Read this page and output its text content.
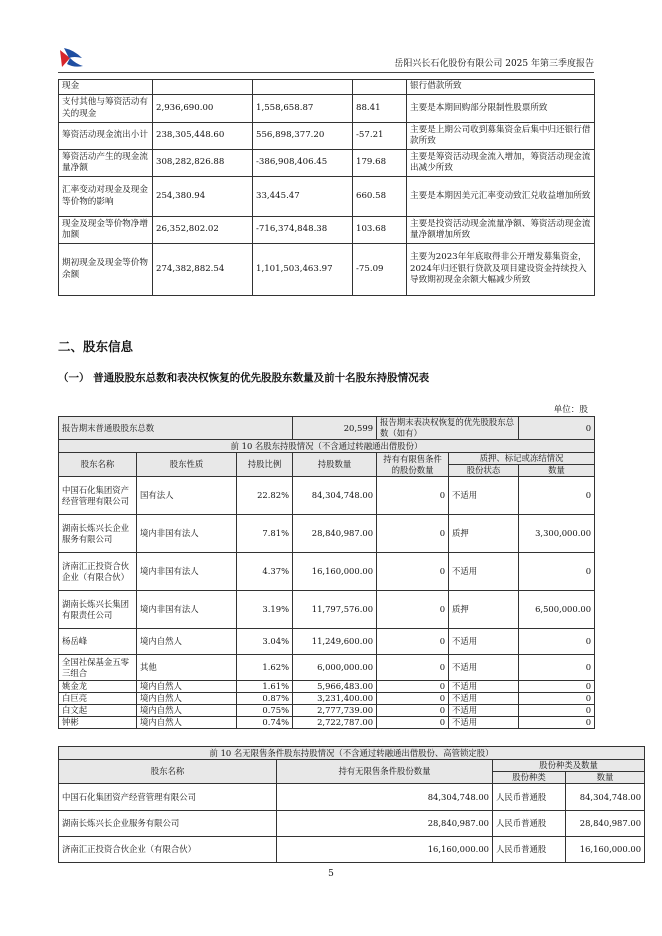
岳阳兴长石化股份有限公司 2025 年第三季度报告
现金				银行借款所致
支付其他与筹资活动有关的现金	2,936,690.00	1,558,658.87	88.41	主要是本期回购部分限制性股票所致
筹资活动现金流出小计	238,305,448.60	556,898,377.20	-57.21	主要是上期公司收到募集资金后集中归还银行借款所致
筹资活动产生的现金流量净额	308,282,826.88	-386,908,406.45	179.68	主要是筹资活动现金流入增加，筹资活动现金流出减少所致
汇率变动对现金及现金等价物的影响	254,380.94	33,445.47	660.58	主要是本期因美元汇率变动致汇兑收益增加所致
现金及现金等价物净增加额	26,352,802.02	-716,374,848.38	103.68	主要是投资活动现金流量净额、筹资活动现金流量净额增加所致
期初现金及现金等价物余额	274,382,882.54	1,101,503,463.97	-75.09	主要为2023年年底取得非公开增发募集资金，2024年归还银行贷款及项目建设资金持续投入导致期初现金余额大幅减少所致
二、股东信息
（一） 普通股股东总数和表决权恢复的优先股股东数量及前十名股东持股情况表
单位：股
报告期末普通股股东总数			20,599	报告期末表决权恢复的优先股股东总数（如有）		0
前 10 名股东持股情况（不含通过转融通出借股份）						
股东名称	股东性质	持股比例	持股数量	持有有限售条件的股份数量	质押、标记或冻结情况	
					股份状态	数量
中国石化集团资产经营管理有限公司	国有法人	22.82%	84,304,748.00	0	不适用	0
湖南长炼兴长企业服务有限公司	境内非国有法人	7.81%	28,840,987.00	0	质押	3,300,000.00
济南汇正投资合伙企业（有限合伙）	境内非国有法人	4.37%	16,160,000.00	0	不适用	0
湖南长炼兴长集团有限责任公司	境内非国有法人	3.19%	11,797,576.00	0	质押	6,500,000.00
杨岳峰	境内自然人	3.04%	11,249,600.00	0	不适用	0
全国社保基金五零三组合	其他	1.62%	6,000,000.00	0	不适用	0
姚金龙	境内自然人	1.61%	5,966,483.00	0	不适用	0
白巨亮	境内自然人	0.87%	3,231,400.00	0	不适用	0
白文起	境内自然人	0.75%	2,777,739.00	0	不适用	0
钟彬	境内自然人	0.74%	2,722,787.00	0	不适用	0
前 10 名无限售条件股东持股情况（不含通过转融通出借股份、高管锁定股）			
股东名称	持有无限售条件股份数量	股份种类及数量	
		股份种类	数量
中国石化集团资产经营管理有限公司	84,304,748.00	人民币普通股	84,304,748.00
湖南长炼兴长企业服务有限公司	28,840,987.00	人民币普通股	28,840,987.00
济南汇正投资合伙企业（有限合伙）	16,160,000.00	人民币普通股	16,160,000.00
5
